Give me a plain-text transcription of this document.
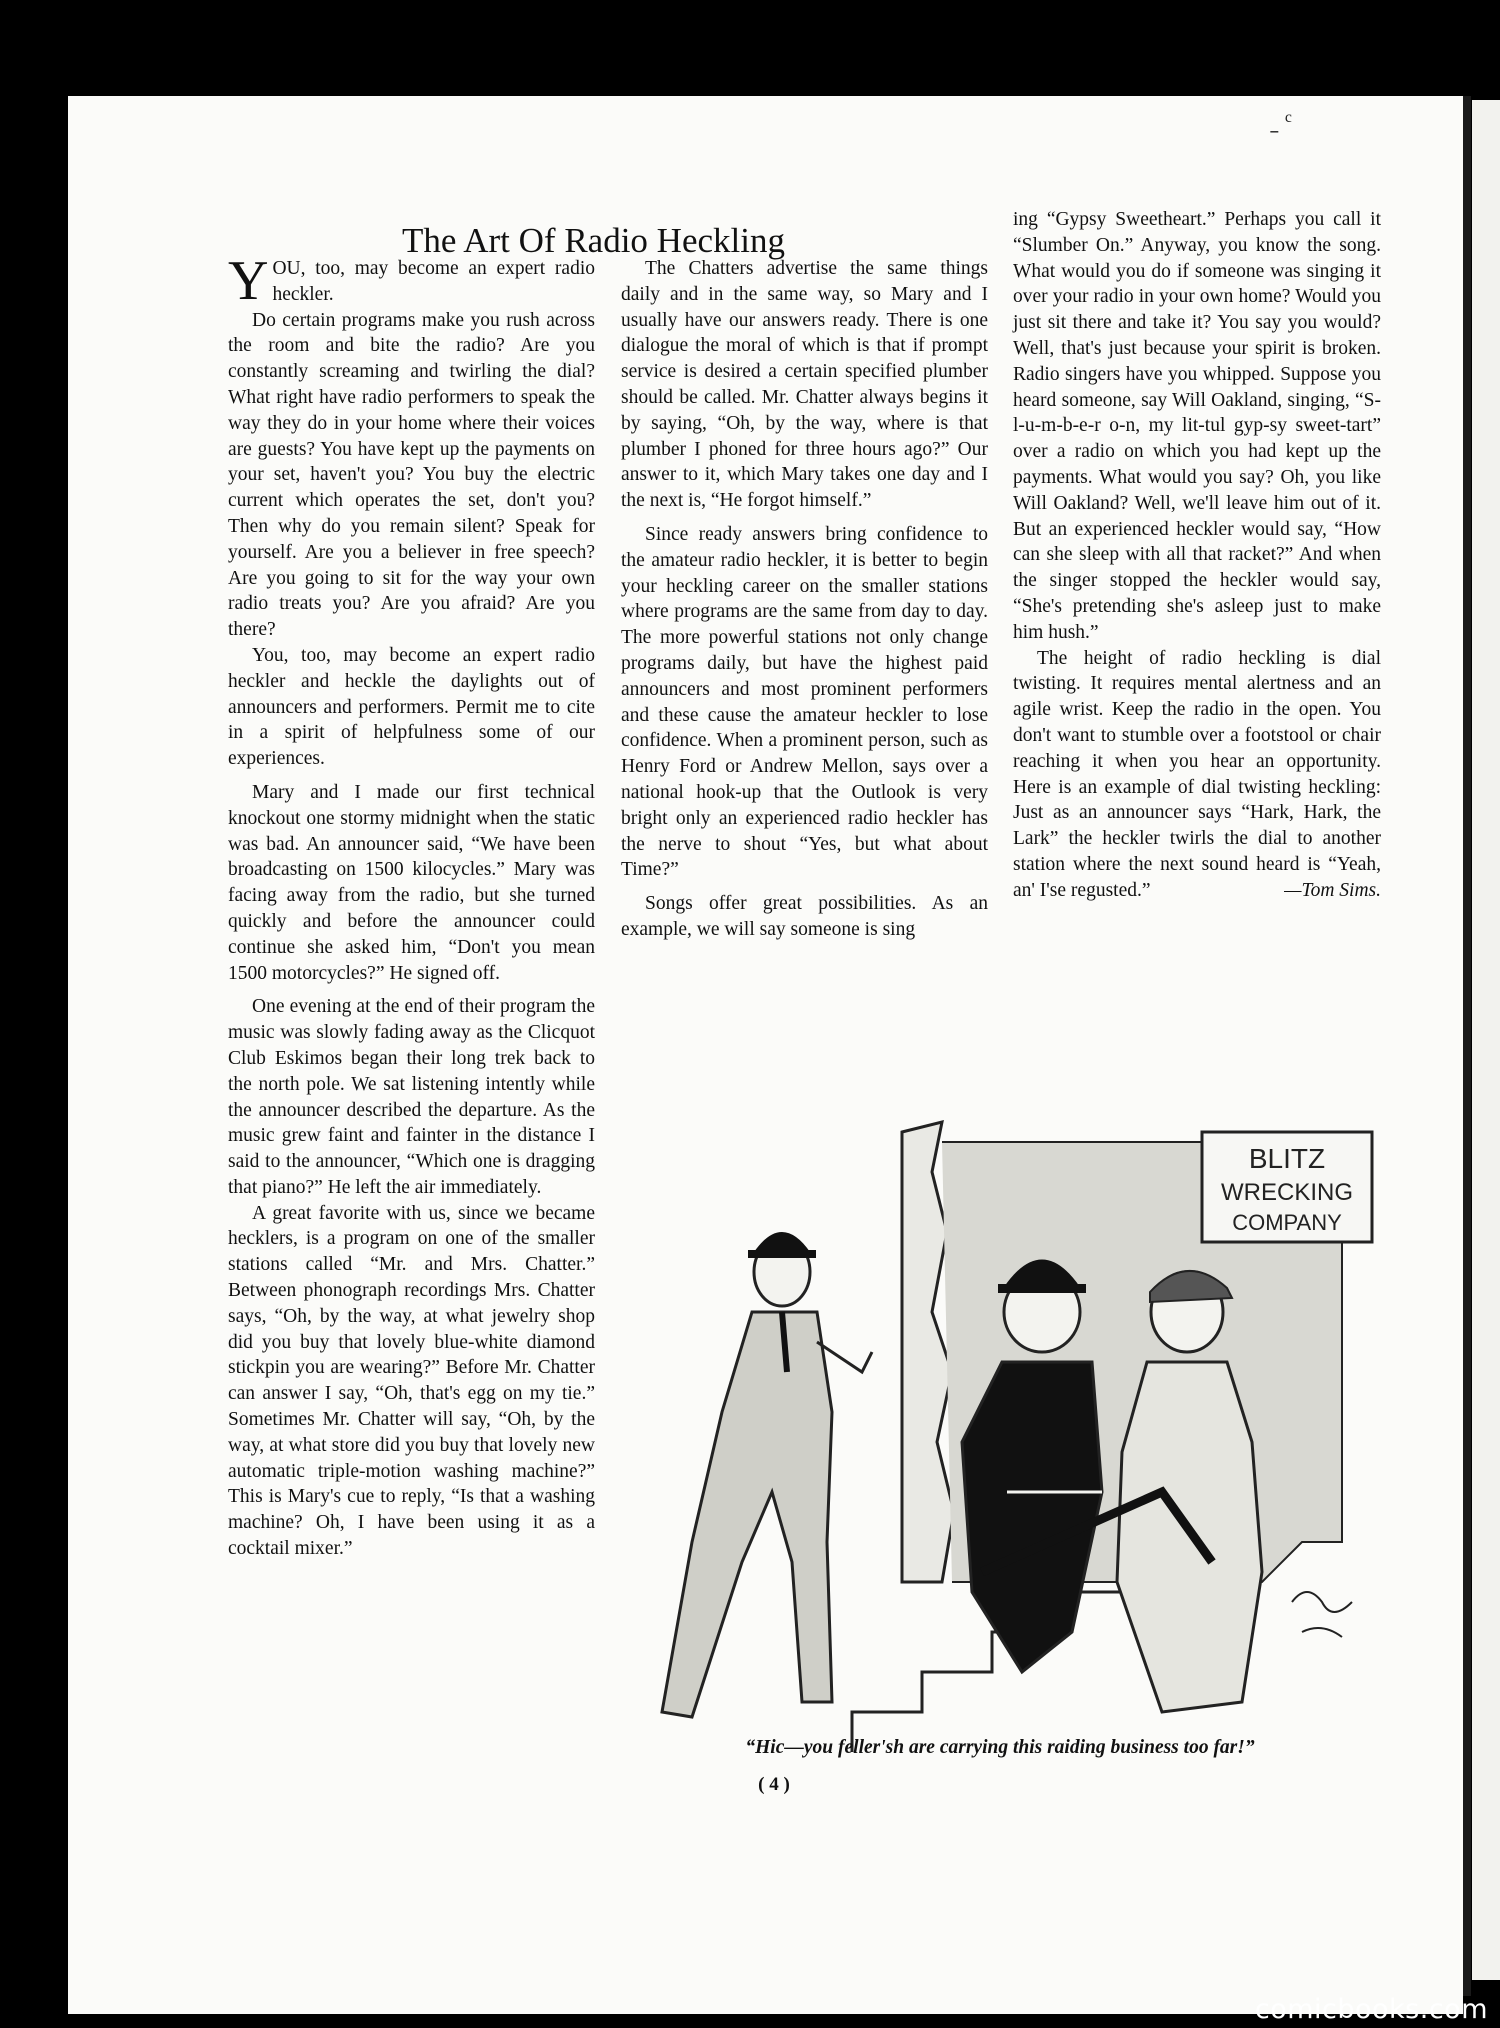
ˍ ᶜ
The Art Of Radio Heckling

YOU, too, may become an expert radio heckler.

Do certain programs make you rush across the room and bite the radio? Are you constantly screaming and twirling the dial? What right have radio performers to speak the way they do in your home where their voices are guests? You have kept up the payments on your set, haven't you? You buy the electric current which operates the set, don't you? Then why do you remain silent? Speak for yourself. Are you a believer in free speech? Are you going to sit for the way your own radio treats you? Are you afraid? Are you there?

You, too, may become an expert radio heckler and heckle the daylights out of announcers and performers. Permit me to cite in a spirit of helpfulness some of our experiences.

Mary and I made our first technical knockout one stormy midnight when the static was bad. An announcer said, “We have been broadcasting on 1500 kilocycles.” Mary was facing away from the radio, but she turned quickly and before the announcer could continue she asked him, “Don't you mean 1500 motorcycles?” He signed off.

One evening at the end of their program the music was slowly fading away as the Clicquot Club Eskimos began their long trek back to the north pole. We sat listening intently while the announcer described the departure. As the music grew faint and fainter in the distance I said to the announcer, “Which one is dragging that piano?” He left the air immediately.

A great favorite with us, since we became hecklers, is a program on one of the smaller stations called “Mr. and Mrs. Chatter.” Between phonograph recordings Mrs. Chatter says, “Oh, by the way, at what jewelry shop did you buy that lovely blue-white diamond stickpin you are wearing?” Before Mr. Chatter can answer I say, “Oh, that's egg on my tie.” Sometimes Mr. Chatter will say, “Oh, by the way, at what store did you buy that lovely new automatic triple-motion washing machine?” This is Mary's cue to reply, “Is that a washing machine? Oh, I have been using it as a cocktail mixer.”

The Chatters advertise the same things daily and in the same way, so Mary and I usually have our answers ready. There is one dialogue the moral of which is that if prompt service is desired a certain specified plumber should be called. Mr. Chatter always begins it by saying, “Oh, by the way, where is that plumber I phoned for three hours ago?” Our answer to it, which Mary takes one day and I the next is, “He forgot himself.”

Since ready answers bring confidence to the amateur radio heckler, it is better to begin your heckling career on the smaller stations where programs are the same from day to day. The more powerful stations not only change programs daily, but have the highest paid announcers and most prominent performers and these cause the amateur heckler to lose confidence. When a prominent person, such as Henry Ford or Andrew Mellon, says over a national hook-up that the Outlook is very bright only an experienced radio heckler has the nerve to shout “Yes, but what about Time?”

Songs offer great possibilities. As an example, we will say someone is sing

ing “Gypsy Sweetheart.” Perhaps you call it “Slumber On.” Anyway, you know the song. What would you do if someone was singing it over your radio in your own home? Would you just sit there and take it? You say you would? Well, that's just because your spirit is broken. Radio singers have you whipped. Suppose you heard someone, say Will Oakland, singing, “S-l-u-m-b-e-r o-n, my lit-tul gyp-sy sweet-tart” over a radio on which you had kept up the payments. What would you say? Oh, you like Will Oakland? Well, we'll leave him out of it. But an experienced heckler would say, “How can she sleep with all that racket?” And when the singer stopped the heckler would say, “She's pretending she's asleep just to make him hush.”

The height of radio heckling is dial twisting. It requires mental alertness and an agile wrist. Keep the radio in the open. You don't want to stumble over a footstool or chair reaching it when you hear an opportunity. Here is an example of dial twisting heckling: Just as an announcer says “Hark, Hark, the Lark” the heckler twirls the dial to another station where the next sound heard is “Yeah, an' I'se regusted.”	—Tom Sims.

BLITZ
WRECKING
COMPANY
“Hic—you feller'sh are carrying this raiding business too far!”
( 4 )
comicbooks.com
